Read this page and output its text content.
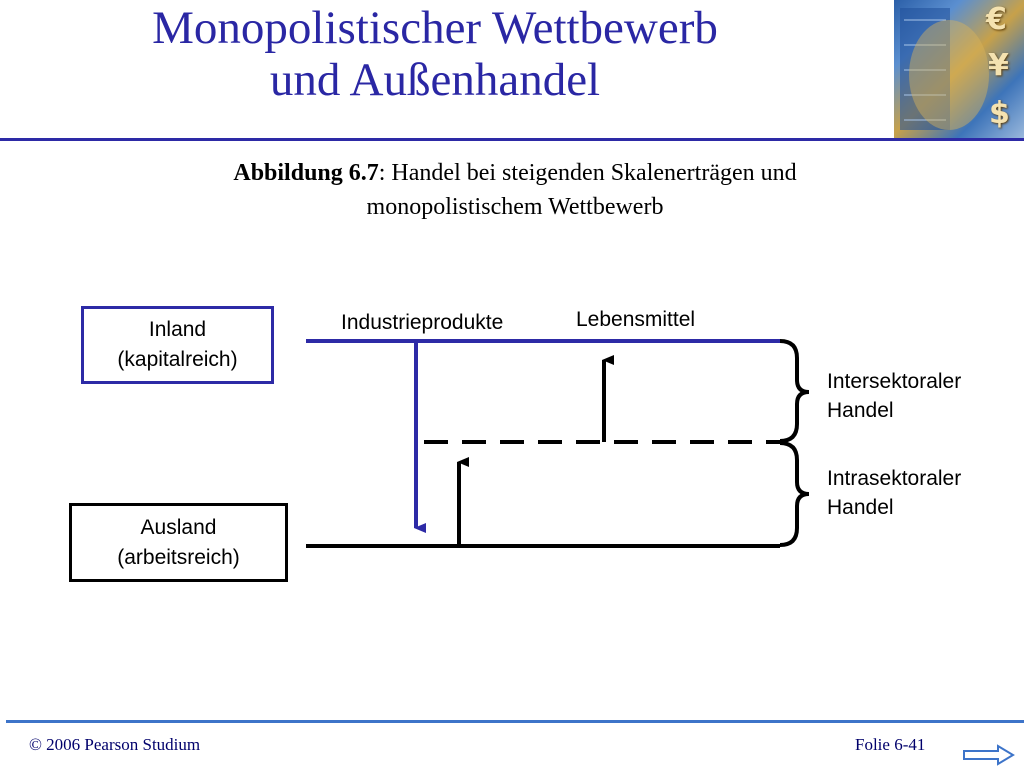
Monopolistischer Wettbewerb
und Außenhandel
€
¥
$
Abbildung 6.7: Handel bei steigenden Skalenerträgen und
monopolistischem Wettbewerb
Inland
(kapitalreich)
Ausland
(arbeitsreich)
Industrieprodukte	Lebensmittel
Intersektoraler
Handel
Intrasektoraler
Handel
© 2006 Pearson Studium	Folie 6-41
